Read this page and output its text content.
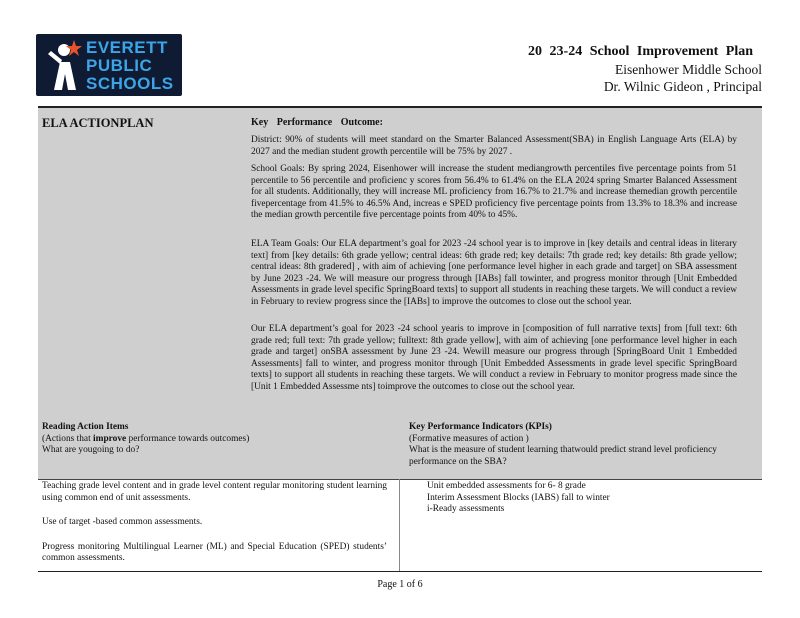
EVERETT
PUBLIC
SCHOOLS
20 23-24 School Improvement Plan
Eisenhower Middle School
Dr. Wilnic Gideon , Principal
ELA ACTIONPLAN	Key Performance Outcome:
District: 90% of students will meet standard on the Smarter Balanced Assessment(SBA) in English Language Arts (ELA) by 2027 and the median student growth percentile will be 75% by 2027 .
School Goals: By spring 2024, Eisenhower will increase the student mediangrowth percentiles five percentage points from 51 percentile to 56 percentile and proficienc y scores from 56.4% to 61.4% on the ELA 2024 spring Smarter Balanced Assessment for all students. Additionally, they will increase ML proficiency from 16.7% to 21.7% and increase themedian growth percentile fivepercentage from 41.5% to 46.5% And, increas e SPED proficiency five percentage points from 13.3% to 18.3% and increase the median growth percentile five percentage points from 40% to 45%.
ELA Team Goals: Our ELA department’s goal for 2023 -24 school year is to improve in [key details and central ideas in literary text] from [key details: 6th grade yellow; central ideas: 6th grade red; key details: 7th grade red; key details: 8th grade yellow; central ideas: 8th gradered] , with aim of achieving [one performance level higher in each grade and target] on SBA assessment by June 2023 -24. We will measure our progress through [IABs] fall towinter, and progress monitor through [Unit Embedded Assessments in grade level specific SpringBoard texts] to support all students in reaching these targets. We will conduct a review in February to review progress since the [IABs] to improve the outcomes to close out the school year.
Our ELA department’s goal for 2023 -24 school yearis to improve in [composition of full narrative texts] from [full text: 6th grade red; full text: 7th grade yellow; fulltext: 8th grade yellow], with aim of achieving [one performance level higher in each grade and target] onSBA assessment by June 23 -24. Wewill measure our progress through [SpringBoard Unit 1 Embedded Assessments] fall to winter, and progress monitor through [Unit Embedded Assessments in grade level specific SpringBoard texts] to support all students in reaching these targets. We will conduct a review in February to monitor progress made since the [Unit 1 Embedded Assessme nts] toimprove the outcomes to close out the school year.
Reading Action Items
(Actions that improve performance towards outcomes)
What are yougoing to do?
Key Performance Indicators (KPIs)
(Formative measures of action )
What is the measure of student learning thatwould predict strand level proficiency performance on the SBA?

Teaching grade level content and in grade level content regular monitoring student learning using common end of unit assessments.

Use of target -based common assessments.

Progress monitoring Multilingual Learner (ML) and Special Education (SPED) students’ common assessments.

Unit embedded assessments for 6- 8 grade
Interim Assessment Blocks (IABS) fall to winter
i-Ready assessments
Page 1 of 6
